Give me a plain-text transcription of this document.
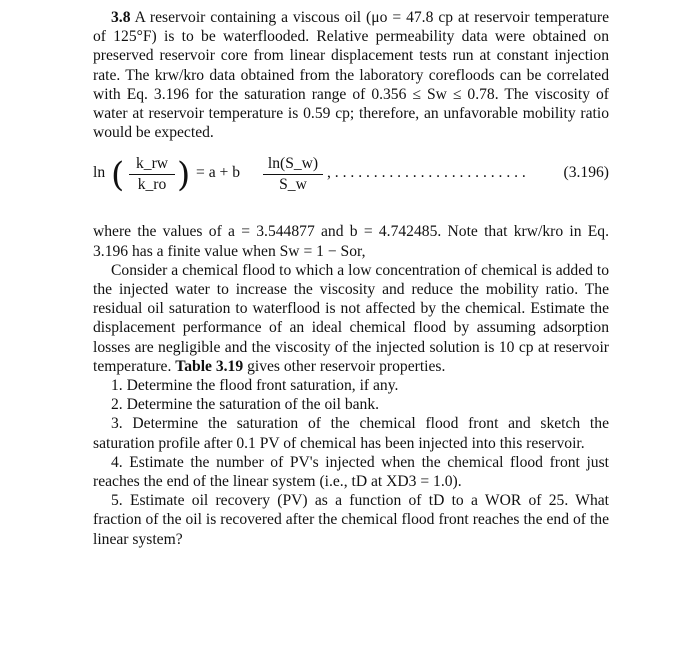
3.8 A reservoir containing a viscous oil (μo = 47.8 cp at reservoir temperature of 125°F) is to be waterflooded. Relative permeability data were obtained on preserved reservoir core from linear displacement tests run at constant injection rate. The krw/kro data obtained from the laboratory corefloods can be correlated with Eq. 3.196 for the saturation range of 0.356 ≤ Sw ≤ 0.78. The viscosity of water at reservoir temperature is 0.59 cp; therefore, an unfavorable mobility ratio would be expected.

ln ( $\frac{k\_rw}{k\_ro}$ ) = a + b $\frac{\ln(S\_w)}{S\_w}$ , . . . . . . . . . . . . . . . . . . . . . . . . . (3.196)

where the values of a = 3.544877 and b = 4.742485. Note that krw/kro in Eq. 3.196 has a finite value when Sw = 1 − Sor,

Consider a chemical flood to which a low concentration of chemical is added to the injected water to increase the viscosity and reduce the mobility ratio. The residual oil saturation to waterflood is not affected by the chemical. Estimate the displacement performance of an ideal chemical flood by assuming adsorption losses are negligible and the viscosity of the injected solution is 10 cp at reservoir temperature. Table 3.19 gives other reservoir properties.

1. Determine the flood front saturation, if any.

2. Determine the saturation of the oil bank.

3. Determine the saturation of the chemical flood front and sketch the saturation profile after 0.1 PV of chemical has been injected into this reservoir.

4. Estimate the number of PV's injected when the chemical flood front just reaches the end of the linear system (i.e., tD at XD3 = 1.0).

5. Estimate oil recovery (PV) as a function of tD to a WOR of 25. What fraction of the oil is recovered after the chemical flood front reaches the end of the linear system?
